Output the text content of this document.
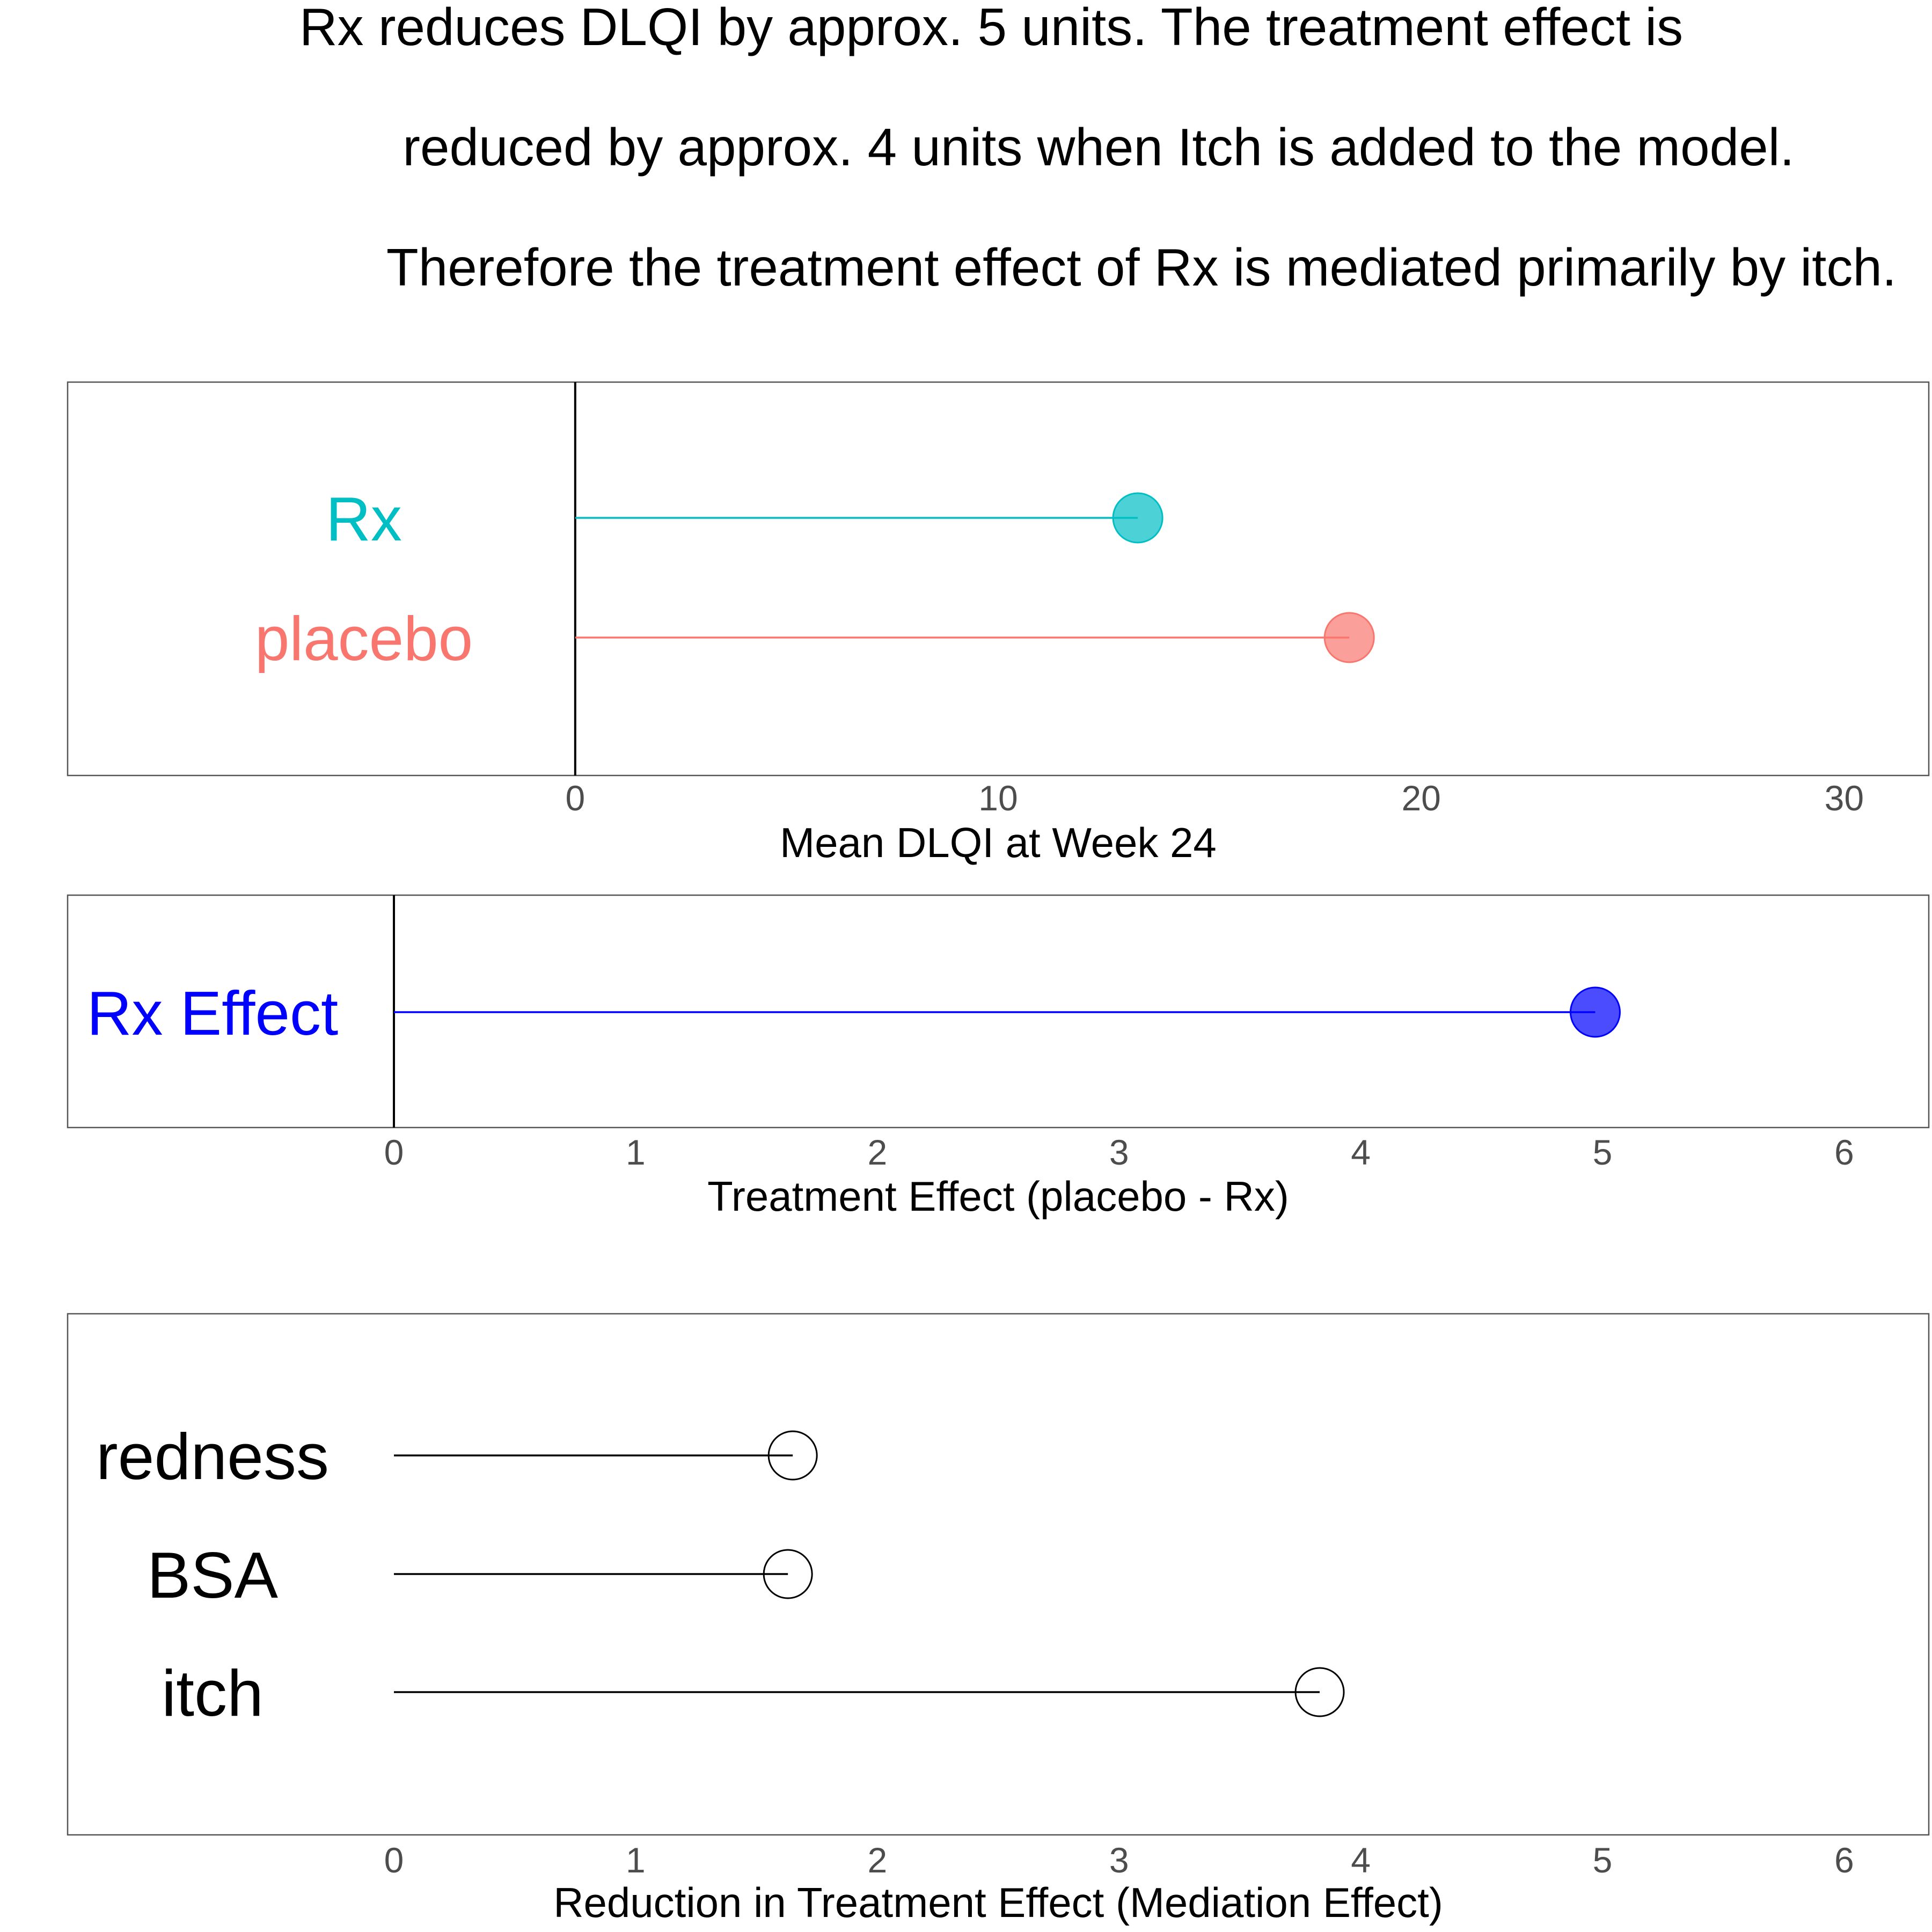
Rx reduces DLQI by approx. 5 units. The treatment effect is
reduced by approx. 4 units when Itch is added to the model.
Therefore the treatment effect of Rx is mediated primarily by itch.
0	10	20	30
Rx
placebo
Mean DLQI at Week 24
0	1	2	3	4	5	6
Rx Effect
Treatment Effect (placebo - Rx)
0	1	2	3	4	5	6
redness
BSA
itch
Reduction in Treatment Effect (Mediation Effect)
